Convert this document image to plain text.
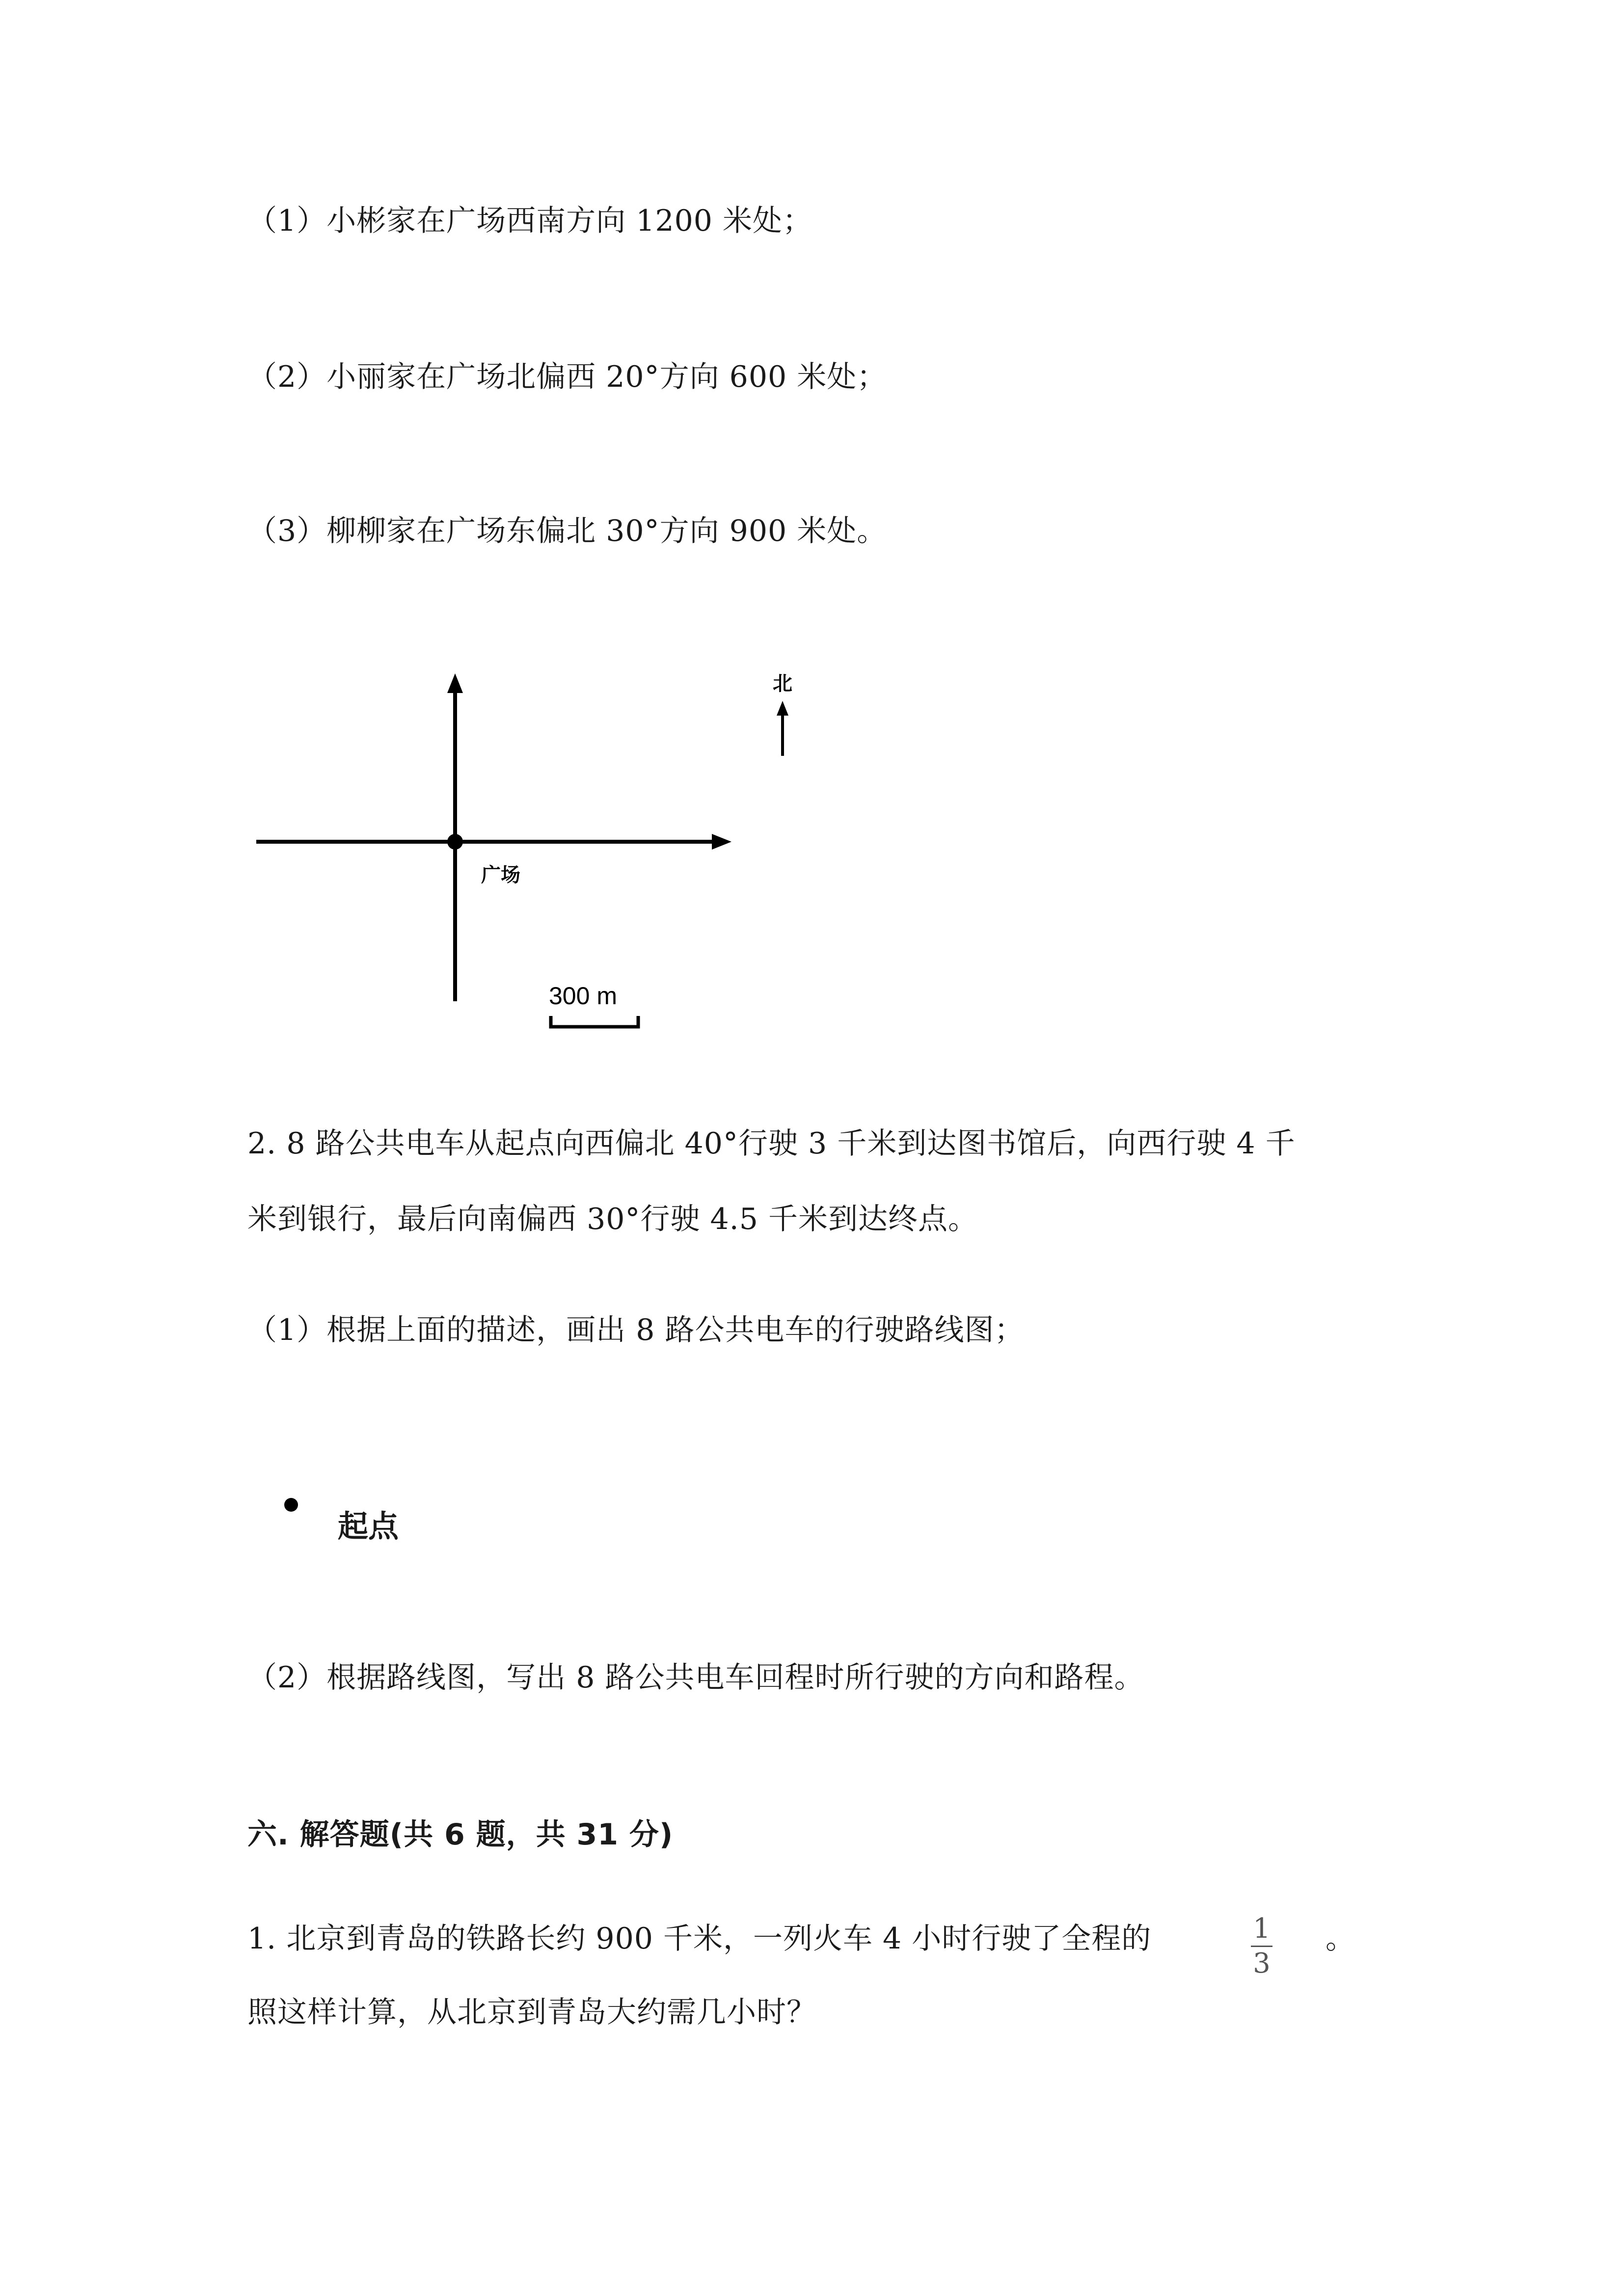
（1）小彬家在广场西南方向 1200 米处；

（2）小丽家在广场北偏西 20°方向 600 米处；

（3）柳柳家在广场东偏北 30°方向 900 米处。

广场
北
300 m

2. 8 路公共电车从起点向西偏北 40°行驶 3 千米到达图书馆后，向西行驶 4 千

米到银行，最后向南偏西 30°行驶 4.5 千米到达终点。

（1）根据上面的描述，画出 8 路公共电车的行驶路线图；

起点

（2）根据路线图，写出 8 路公共电车回程时所行驶的方向和路程。

六. 解答题(共 6 题，共 31 分)

1. 北京到青岛的铁路长约 900 千米，一列火车 4 小时行驶了全程的	1
3

。

照这样计算，从北京到青岛大约需几小时？
